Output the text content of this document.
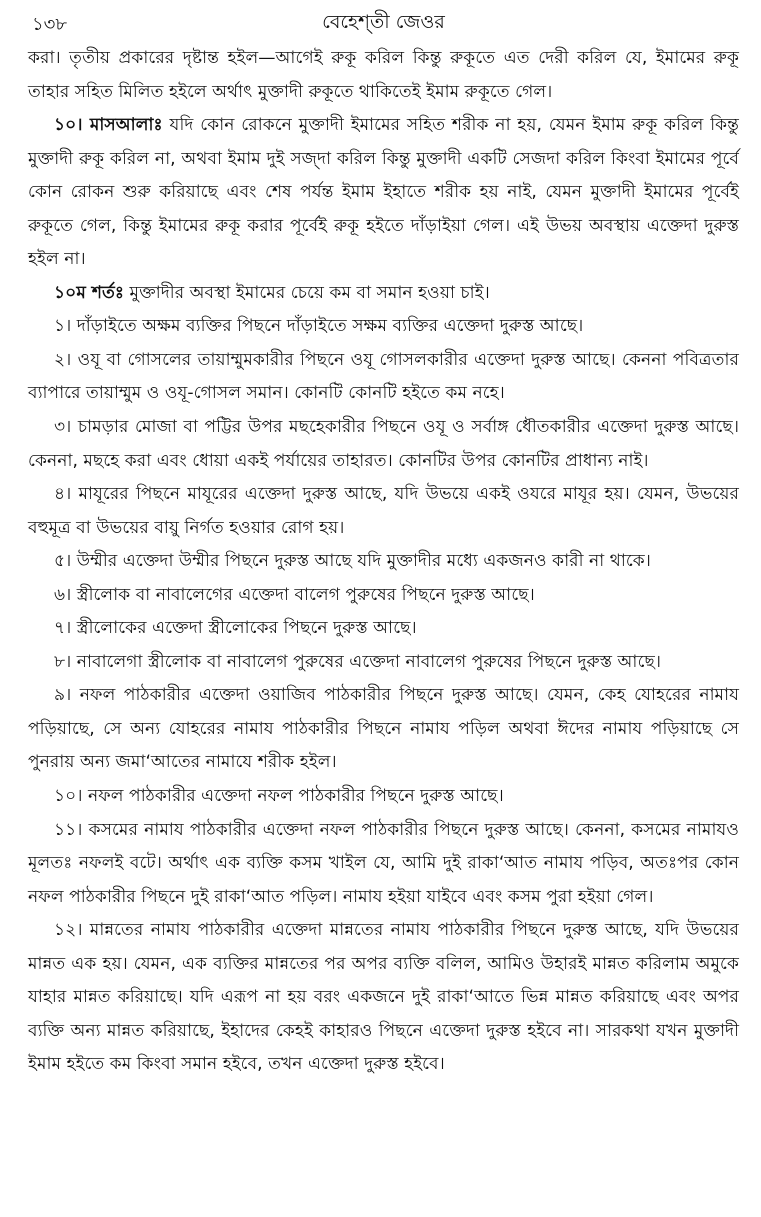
১৩৮	বেহেশ্‌তী জেওর

করা। তৃতীয় প্রকারের দৃষ্টান্ত হইল—আগেই রুকূ করিল কিন্তু রুকূতে এত দেরী করিল যে, ইমামের রুকূ তাহার সহিত মিলিত হইলে অর্থাৎ মুক্তাদী রুকূতে থাকিতেই ইমাম রুকূতে গেল।

১০। মাসআলাঃ যদি কোন রোকনে মুক্তাদী ইমামের সহিত শরীক না হয়, যেমন ইমাম রুকূ করিল কিন্তু মুক্তাদী রুকূ করিল না, অথবা ইমাম দুই সজ্‌দা করিল কিন্তু মুক্তাদী একটি সেজদা করিল কিংবা ইমামের পূর্বে কোন রোকন শুরু করিয়াছে এবং শেষ পর্যন্ত ইমাম ইহাতে শরীক হয় নাই, যেমন মুক্তাদী ইমামের পূর্বেই রুকূতে গেল, কিন্তু ইমামের রুকূ করার পূর্বেই রুকূ হইতে দাঁড়াইয়া গেল। এই উভয় অবস্থায় এক্তেদা দুরুস্ত হইল না।

১০ম শর্তঃ মুক্তাদীর অবস্থা ইমামের চেয়ে কম বা সমান হওয়া চাই।

১। দাঁড়াইতে অক্ষম ব্যক্তির পিছনে দাঁড়াইতে সক্ষম ব্যক্তির এক্তেদা দুরুস্ত আছে।

২। ওযূ বা গোসলের তায়াম্মুমকারীর পিছনে ওযূ গোসলকারীর এক্তেদা দুরুস্ত আছে। কেননা পবিত্রতার ব্যাপারে তায়াম্মুম ও ওযূ-গোসল সমান। কোনটি কোনটি হইতে কম নহে।

৩। চামড়ার মোজা বা পট্টির উপর মছহেকারীর পিছনে ওযূ ও সর্বাঙ্গ ধৌতকারীর এক্তেদা দুরুস্ত আছে। কেননা, মছহে করা এবং ধোয়া একই পর্যায়ের তাহারত। কোনটির উপর কোনটির প্রাধান্য নাই।

৪। মাযূরের পিছনে মাযূরের এক্তেদা দুরুস্ত আছে, যদি উভয়ে একই ওযরে মাযূর হয়। যেমন, উভয়ের বহুমূত্র বা উভয়ের বায়ু নির্গত হওয়ার রোগ হয়।

৫। উম্মীর এক্তেদা উম্মীর পিছনে দুরুস্ত আছে যদি মুক্তাদীর মধ্যে একজনও কারী না থাকে।

৬। স্ত্রীলোক বা নাবালেগের এক্তেদা বালেগ পুরুষের পিছনে দুরুস্ত আছে।

৭। স্ত্রীলোকের এক্তেদা স্ত্রীলোকের পিছনে দুরুস্ত আছে।

৮। নাবালেগা স্ত্রীলোক বা নাবালেগ পুরুষের এক্তেদা নাবালেগ পুরুষের পিছনে দুরুস্ত আছে।

৯। নফল পাঠকারীর এক্তেদা ওয়াজিব পাঠকারীর পিছনে দুরুস্ত আছে। যেমন, কেহ যোহরের নামায পড়িয়াছে, সে অন্য যোহরের নামায পাঠকারীর পিছনে নামায পড়িল অথবা ঈদের নামায পড়িয়াছে সে পুনরায় অন্য জমা‘আতের নামাযে শরীক হইল।

১০। নফল পাঠকারীর এক্তেদা নফল পাঠকারীর পিছনে দুরুস্ত আছে।

১১। কসমের নামায পাঠকারীর এক্তেদা নফল পাঠকারীর পিছনে দুরুস্ত আছে। কেননা, কসমের নামাযও মূলতঃ নফলই বটে। অর্থাৎ এক ব্যক্তি কসম খাইল যে, আমি দুই রাকা‘আত নামায পড়িব, অতঃপর কোন নফল পাঠকারীর পিছনে দুই রাকা‘আত পড়িল। নামায হইয়া যাইবে এবং কসম পুরা হইয়া গেল।

১২। মান্নতের নামায পাঠকারীর এক্তেদা মান্নতের নামায পাঠকারীর পিছনে দুরুস্ত আছে, যদি উভয়ের মান্নত এক হয়। যেমন, এক ব্যক্তির মান্নতের পর অপর ব্যক্তি বলিল, আমিও উহারই মান্নত করিলাম অমুকে যাহার মান্নত করিয়াছে। যদি এরূপ না হয় বরং একজনে দুই রাকা‘আতে ভিন্ন মান্নত করিয়াছে এবং অপর ব্যক্তি অন্য মান্নত করিয়াছে, ইহাদের কেহই কাহারও পিছনে এক্তেদা দুরুস্ত হইবে না। সারকথা যখন মুক্তাদী ইমাম হইতে কম কিংবা সমান হইবে, তখন এক্তেদা দুরুস্ত হইবে।
